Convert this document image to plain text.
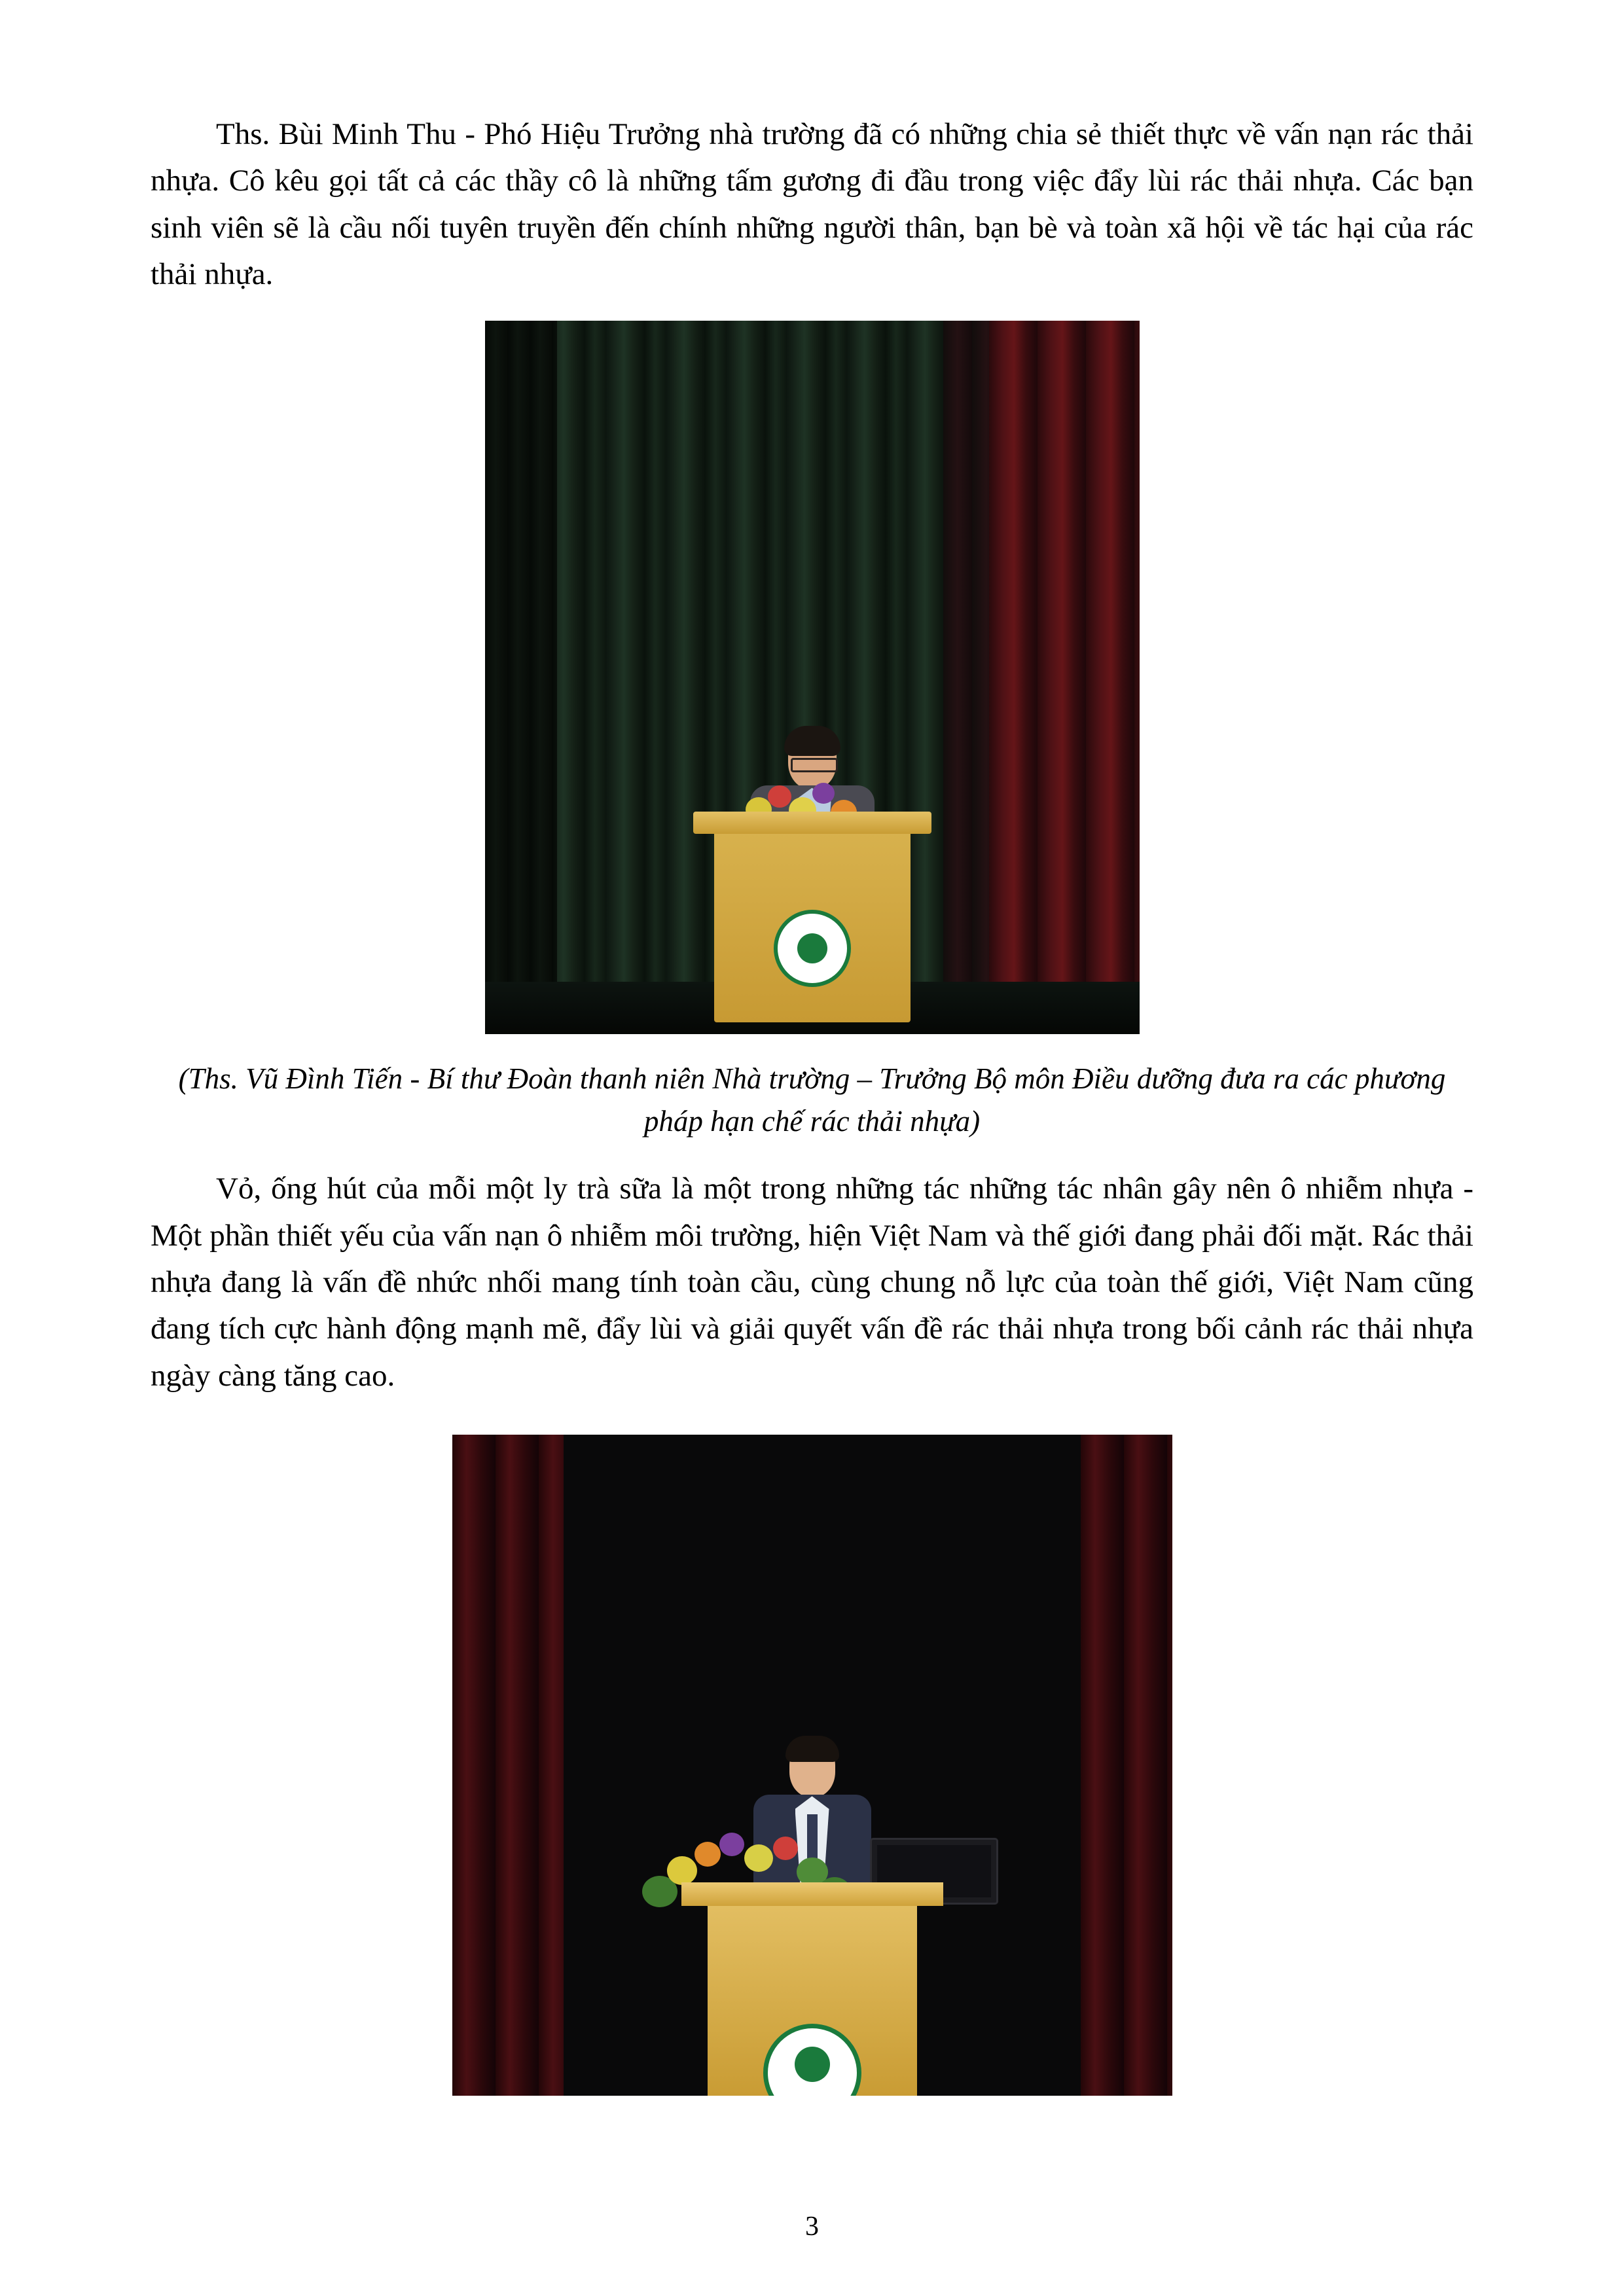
Ths. Bùi Minh Thu - Phó Hiệu Trưởng nhà trường đã có những chia sẻ thiết thực về vấn nạn rác thải nhựa. Cô kêu gọi tất cả các thầy cô là những tấm gương đi đầu trong việc đẩy lùi rác thải nhựa. Các bạn sinh viên sẽ là cầu nối tuyên truyền đến chính những người thân, bạn bè và toàn xã hội về tác hại của rác thải nhựa.

(Ths. Vũ Đình Tiến - Bí thư Đoàn thanh niên Nhà trường – Trưởng Bộ môn Điều dưỡng đưa ra các phương pháp hạn chế rác thải nhựa)

Vỏ, ống hút của mỗi một ly trà sữa là một trong những tác những tác nhân gây nên ô nhiễm nhựa - Một phần thiết yếu của vấn nạn ô nhiễm môi trường, hiện Việt Nam và thế giới đang phải đối mặt. Rác thải nhựa đang là vấn đề nhức nhối mang tính toàn cầu, cùng chung nỗ lực của toàn thế giới, Việt Nam cũng đang tích cực hành động mạnh mẽ, đẩy lùi và giải quyết vấn đề rác thải nhựa trong bối cảnh rác thải nhựa ngày càng tăng cao.

3
